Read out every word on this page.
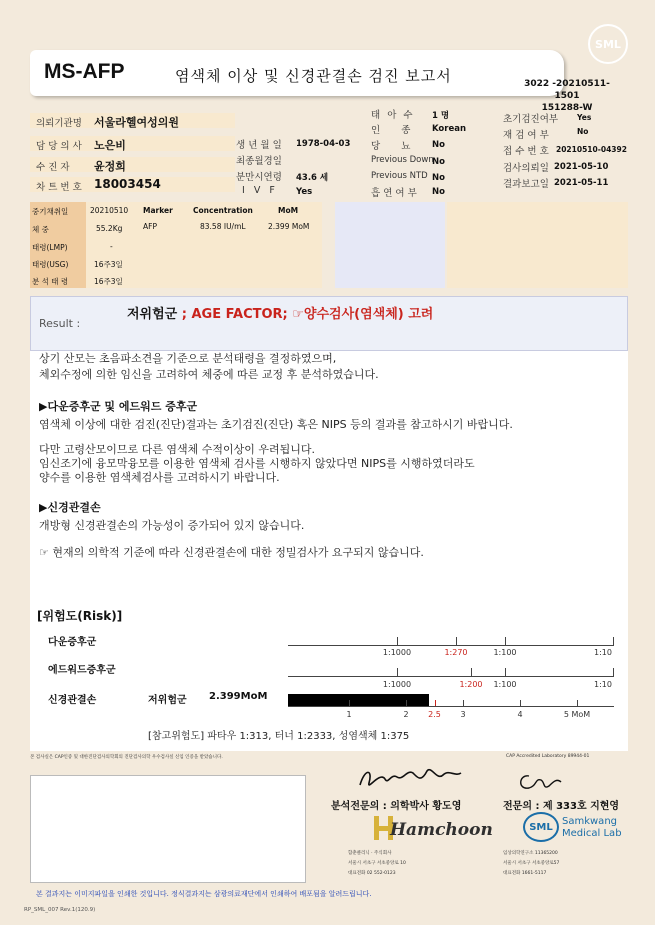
SML
MS-AFP	염색체 이상 및 신경관결손 검진 보고서	3022 -20210511-1501
151288-W
의뢰기관명 서울라헬여성의원
담 당 의 사 노은비
수 진 자 윤정희
차 트 번 호 18003454
생 년 월 일 1978-04-03
최종월경일
분만시연령 43.6 세
I V F Yes
태 아 수 1 명
인 종 Korean
당 뇨 No
Previous Down
No
Previous NTD No
흡 연 여 부 No
초기검진여부	Yes
재 검 여 부	No
접 수 번 호 20210510-04392
검사의뢰일 2021-05-10
결과보고일 2021-05-11
중기채취일	20210510
체 중	55.2Kg
태령(LMP)	-
태령(USG)	16주3일
분 석 태 령	16주3일
Marker	Concentration	MoM
AFP	83.58 IU/mL	2.399 MoM
Result :
저위험군 ; AGE FACTOR; ☞양수검사(염색체) 고려
상기 산모는 초음파소견을 기준으로 분석태령을 결정하였으며,
체외수정에 의한 임신을 고려하여 체중에 따른 교정 후 분석하였습니다.
▶다운증후군 및 에드워드 증후군
염색체 이상에 대한 검진(진단)결과는 초기검진(진단) 혹은 NIPS 등의 결과를 참고하시기 바랍니다.
다만 고령산모이므로 다른 염색체 수적이상이 우려됩니다.
임신조기에 융모막융모를 이용한 염색체 검사를 시행하지 않았다면 NIPS를 시행하였더라도
양수를 이용한 염색체검사를 고려하시기 바랍니다.
▶신경관결손
개방형 신경관결손의 가능성이 증가되어 있지 않습니다.
☞ 현재의 의학적 기준에 따라 신경관결손에 대한 정밀검사가 요구되지 않습니다.
[위험도(Risk)]
다운증후군
에드워드증후군
신경관결손	저위험군 2.399MoM
1:1000	1:270	1:100	1:10
1:1000	1:200 1:100	1:10
1	2 2.5 3	4	5 MoM
[참고위험도] 파타우 1:313, 터너 1:2333, 성염색체 1:375
본 검사실은 CAP인증 및 대한진단검사의학회의 진단검사의학 우수검사실 신임 인증을 받았습니다.	CAP Accredited Laboratory 89944-01
분석전문의 : 의학박사 황도영	전문의 : 제 333호 지현영
Hamchoon
함춘클리닉 · 주식회사
서울시 서초구 서초중앙로 10
대표전화 02 552-0123
SML Samkwang
Medical Lab
임상의학연구소 11365200
서울시 서초구 서초중앙로57
대표전화 1661-5117
본 결과지는 이미지파일을 인쇄한 것입니다. 정식결과지는 삼광의료재단에서 인쇄하여 배포됨을 알려드립니다.
RP_SML_007 Rev.1(120.9)
